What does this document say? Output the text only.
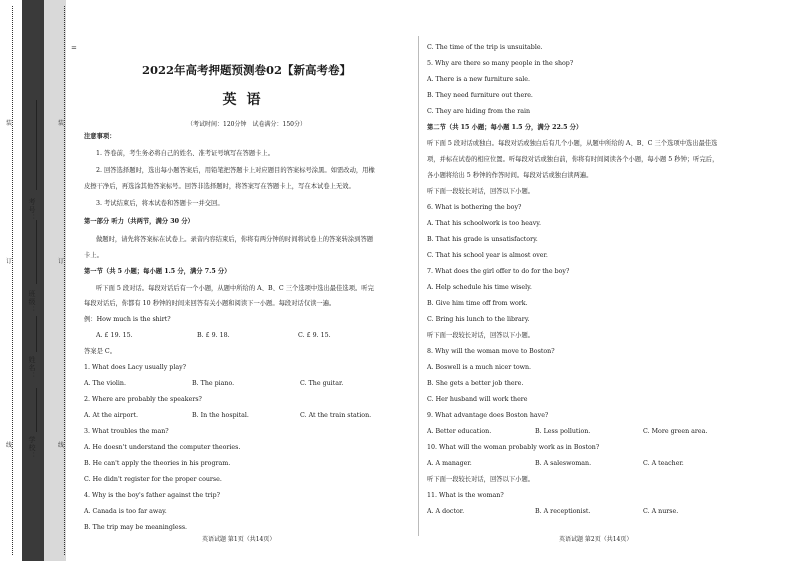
装
订
线
装
订
线
考号：
班级：
姓名：
学校：
=
2022年高考押题预测卷02【新高考卷】
英语
（考试时间：120分钟　试卷满分：150分）
注意事项：
1. 答卷前，考生务必将自己的姓名、准考证号填写在答题卡上。
2. 回答选择题时，选出每小题答案后，用铅笔把答题卡上对应题目的答案标号涂黑。如需改动，用橡
皮擦干净后，再选涂其他答案标号。回答非选择题时，将答案写在答题卡上，写在本试卷上无效。
3. 考试结束后，将本试卷和答题卡一并交回。
第一部分 听力（共两节，满分 30 分）
做题时，请先将答案标在试卷上。录音内容结束后，你将有两分钟的时间将试卷上的答案转涂到答题
卡上。
第一节（共 5 小题；每小题 1.5 分，满分 7.5 分）
听下面 5 段对话。每段对话后有一个小题，从题中所给的 A、B、C 三个选项中选出最佳选项。听完
每段对话后，你都有 10 秒钟的时间来回答有关小题和阅读下一小题。每段对话仅读一遍。
例：How much is the shirt?
A. £ 19. 15.	B. £ 9. 18.	C. £ 9. 15.
答案是 C。
1. What does Lacy usually play?
A. The violin.	B. The piano.	C. The guitar.
2. Where are probably the speakers?
A. At the airport.	B. In the hospital.	C. At the train station.
3. What troubles the man?
A. He doesn't understand the computer theories.
B. He can't apply the theories in his program.
C. He didn't register for the proper course.
4. Why is the boy's father against the trip?
A. Canada is too far away.
B. The trip may be meaningless.
英语试题 第1页（共14页）
C. The time of the trip is unsuitable.
5. Why are there so many people in the shop?
A. There is a new furniture sale.
B. They need furniture out there.
C. They are hiding from the rain
第二节（共 15 小题；每小题 1.5 分，满分 22.5 分）
听下面 5 段对话或独白。每段对话或独白后有几个小题，从题中所给的 A、B、C 三个选项中选出最佳选
项，并标在试卷的相应位置。听每段对话或独白前，你将有时间阅读各个小题，每小题 5 秒钟；听完后，
各小题将给出 5 秒钟的作答时间。每段对话或独白读两遍。
听下面一段较长对话，回答以下小题。
6. What is bothering the boy?
A. That his schoolwork is too heavy.
B. That his grade is unsatisfactory.
C. That his school year is almost over.
7. What does the girl offer to do for the boy?
A. Help schedule his time wisely.
B. Give him time off from work.
C. Bring his lunch to the library.
听下面一段较长对话，回答以下小题。
8. Why will the woman move to Boston?
A. Boswell is a much nicer town.
B. She gets a better job there.
C. Her husband will work there
9. What advantage does Boston have?
A. Better education.	B. Less pollution.	C. More green area.
10. What will the woman probably work as in Boston?
A. A manager.	B. A saleswoman.	C. A teacher.
听下面一段较长对话，回答以下小题。
11. What is the woman?
A. A doctor.	B. A receptionist.	C. A nurse.
英语试题 第2页（共14页）
